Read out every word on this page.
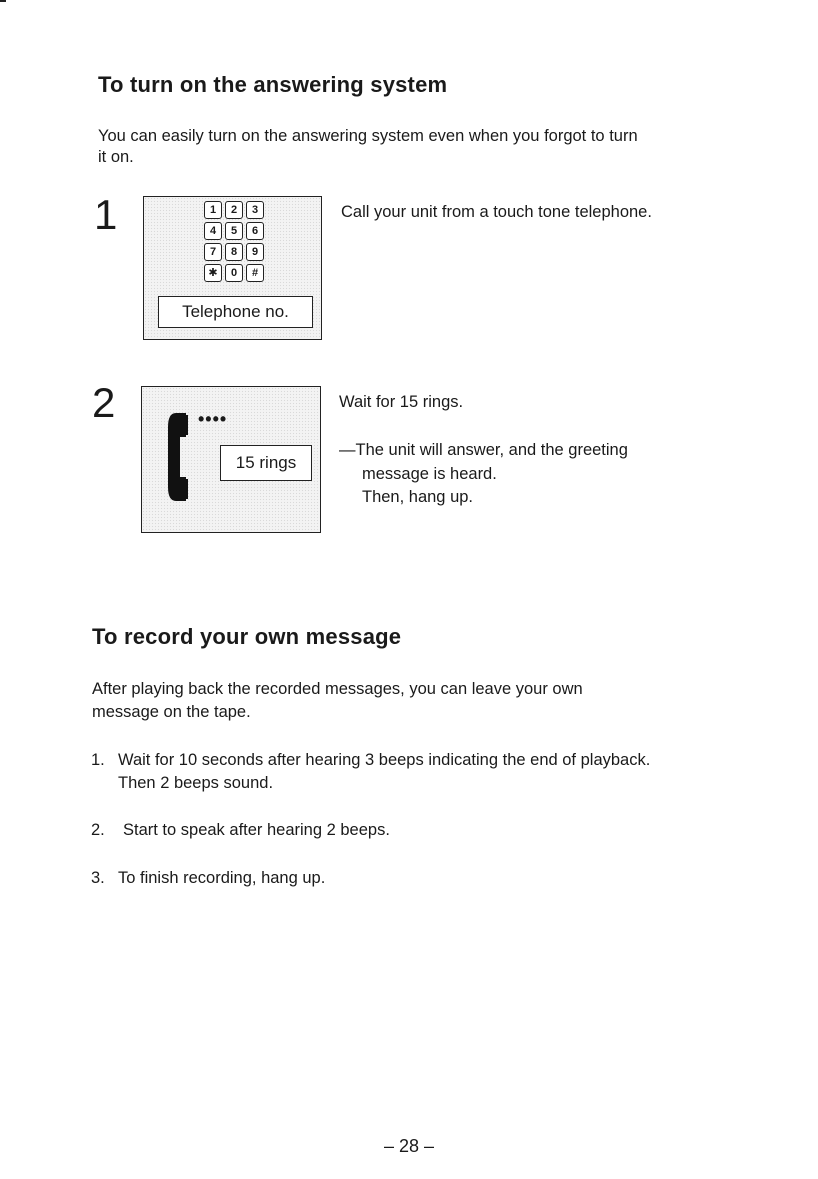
To turn on the answering system

You can easily turn on the answering system even when you forgot to turn

it on.

1	1	2	3
4	5	6
7	8	9
✱	0	#
Telephone no.
Call your unit from a touch tone telephone.
2	••••
15 rings
Wait for 15 rings.
—The unit will answer, and the greeting
message is heard.
Then, hang up.
To record your own message

After playing back the recorded messages, you can leave your own

message on the tape.

1. Wait for 10 seconds after hearing 3 beeps indicating the end of playback.
Then 2 beeps sound.
2. Start to speak after hearing 2 beeps.
3. To finish recording, hang up.
– 28 –
